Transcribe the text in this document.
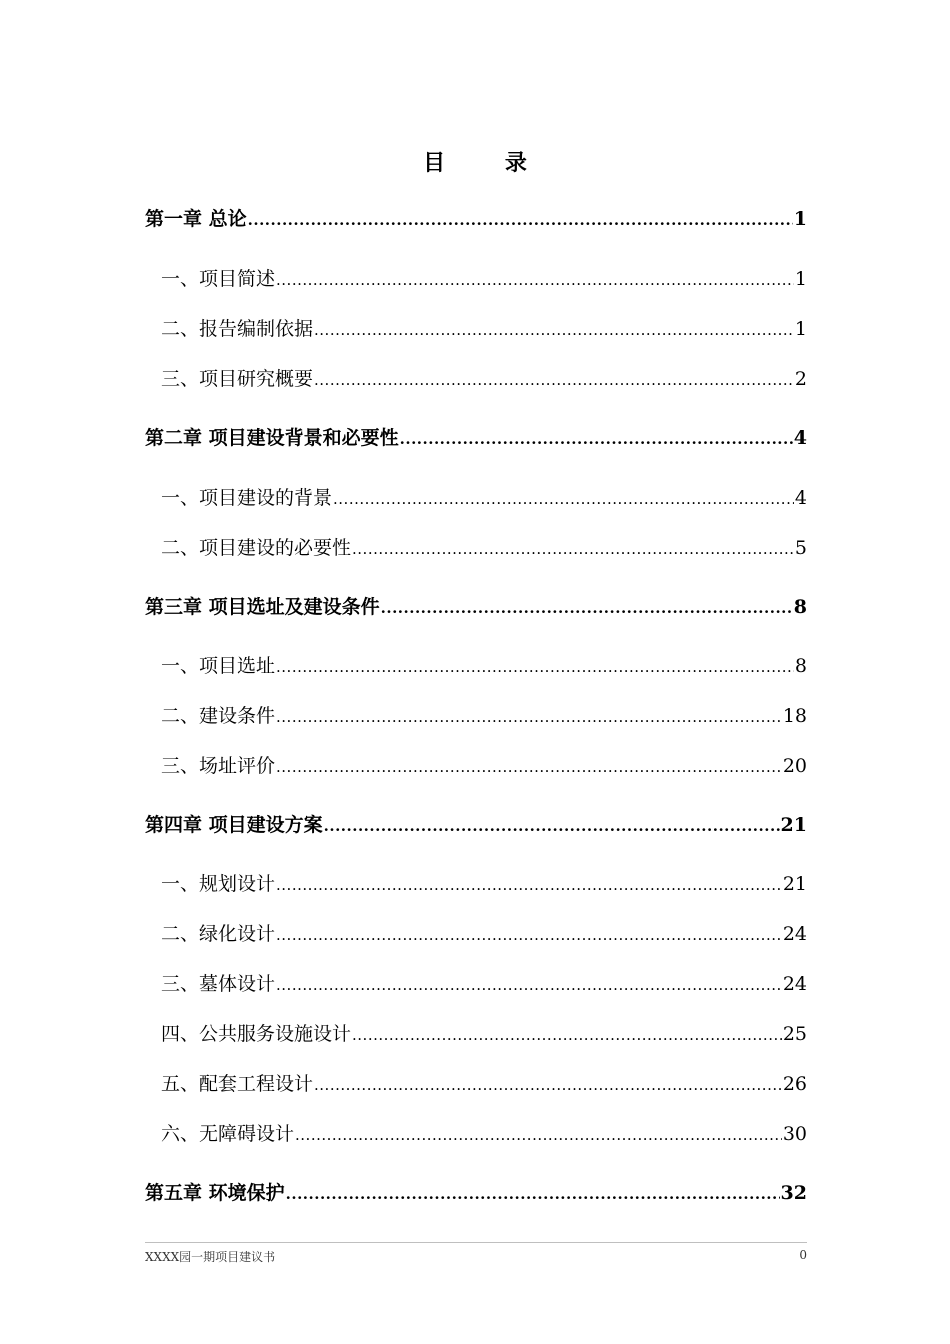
目 录
第一章 总论 .....	1
一、项目简述 .....	1
二、报告编制依据 .....	1
三、项目研究概要 .....	2
第二章 项目建设背景和必要性 .....	4
一、项目建设的背景 .....	4
二、项目建设的必要性 .....	5
第三章 项目选址及建设条件 .....	8
一、项目选址 .....	8
二、建设条件 .....	18
三、场址评价 .....	20
第四章 项目建设方案 .....	21
一、规划设计 .....	21
二、绿化设计 .....	24
三、墓体设计 .....	24
四、公共服务设施设计 .....	25
五、配套工程设计 .....	26
六、无障碍设计 .....	30
第五章 环境保护 .....	32
XXXX园一期项目建议书	0
